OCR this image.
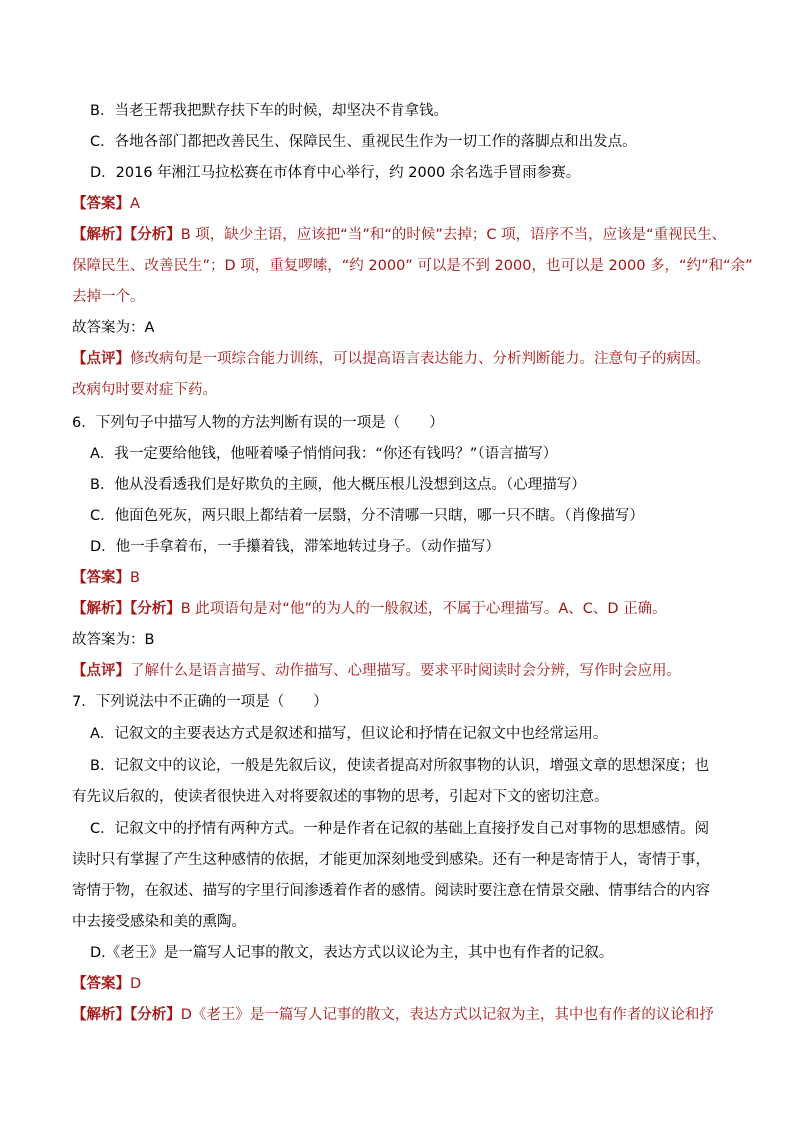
B．当老王帮我把默存扶下车的时候，却坚决不肯拿钱。
C．各地各部门都把改善民生、保障民生、重视民生作为一切工作的落脚点和出发点。
D．2016 年湘江马拉松赛在市体育中心举行，约 2000 余名选手冒雨参赛。
【答案】A
【解析】【分析】B 项，缺少主语，应该把“当”和“的时候”去掉；C 项，语序不当，应该是“重视民生、
保障民生、改善民生”；D 项，重复啰嗦，“约 2000” 可以是不到 2000，也可以是 2000 多，“约”和“余”
去掉一个。
故答案为：A
【点评】修改病句是一项综合能力训练，可以提高语言表达能力、分析判断能力。注意句子的病因。
改病句时要对症下药。
6．下列句子中描写人物的方法判断有误的一项是（　　）
A．我一定要给他钱，他哑着嗓子悄悄问我：“你还有钱吗？”（语言描写）
B．他从没看透我们是好欺负的主顾，他大概压根儿没想到这点。（心理描写）
C．他面色死灰，两只眼上都结着一层翳，分不清哪一只瞎，哪一只不瞎。（肖像描写）
D．他一手拿着布，一手攥着钱，滞笨地转过身子。（动作描写）
【答案】B
【解析】【分析】B 此项语句是对“他”的为人的一般叙述，不属于心理描写。A、C、D 正确。
故答案为：B
【点评】了解什么是语言描写、动作描写、心理描写。要求平时阅读时会分辨，写作时会应用。
7．下列说法中不正确的一项是（　　）
A．记叙文的主要表达方式是叙述和描写，但议论和抒情在记叙文中也经常运用。
B．记叙文中的议论，一般是先叙后议，使读者提高对所叙事物的认识，增强文章的思想深度；也
有先议后叙的，使读者很快进入对将要叙述的事物的思考，引起对下文的密切注意。
C．记叙文中的抒情有两种方式。一种是作者在记叙的基础上直接抒发自己对事物的思想感情。阅
读时只有掌握了产生这种感情的依据，才能更加深刻地受到感染。还有一种是寄情于人，寄情于事，
寄情于物，在叙述、描写的字里行间渗透着作者的感情。阅读时要注意在情景交融、情事结合的内容
中去接受感染和美的熏陶。
D.《老王》是一篇写人记事的散文，表达方式以议论为主，其中也有作者的记叙。
【答案】D
【解析】【分析】D《老王》是一篇写人记事的散文，表达方式以记叙为主，其中也有作者的议论和抒
